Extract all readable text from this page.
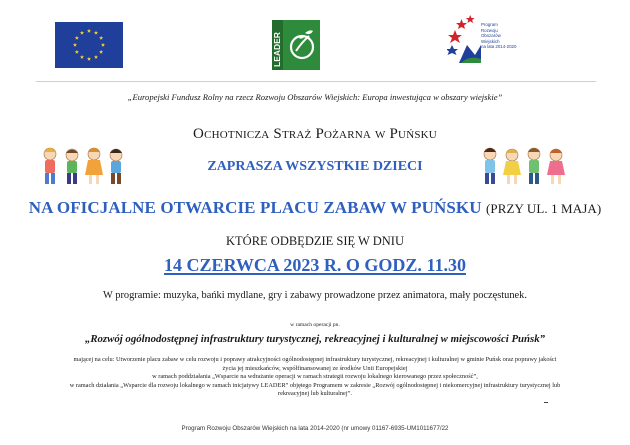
LEADER
Program
Rozwoju
Obszarów
Wiejskich
na lata 2014-2020
„Europejski Fundusz Rolny na rzecz Rozwoju Obszarów Wiejskich: Europa inwestująca w obszary wiejskie”
Ochotnicza Straż Pożarna w Puńsku
ZAPRASZA WSZYSTKIE DZIECI
NA OFICJALNE OTWARCIE PLACU ZABAW W PUŃSKU (PRZY UL. 1 MAJA)
KTÓRE ODBĘDZIE SIĘ W DNIU
14 CZERWCA 2023 R. O GODZ. 11.30
W programie: muzyka, bańki mydlane, gry i zabawy prowadzone przez animatora, mały poczęstunek.
w ramach operacji pn.
„Rozwój ogólnodostępnej infrastruktury turystycznej, rekreacyjnej i kulturalnej w miejscowości Puńsk”
mającej na celu: Utworzenie placu zabaw w celu rozwoju i poprawy atrakcyjności ogólnodostępnej infrastruktury turystycznej, rekreacyjnej i kulturalnej w gminie Puńsk oraz poprawy jakości
życia jej mieszkańców, współfinansowanej ze środków Unii Europejskiej
w ramach poddziałania „Wsparcie na wdrażanie operacji w ramach strategii rozwoju lokalnego kierowanego przez społeczność”,
w ramach działania „Wsparcie dla rozwoju lokalnego w ramach inicjatywy LEADER” objętego Programem w zakresie „Rozwój ogólnodostępnej i niekomercyjnej infrastruktury turystycznej lub
rekreacyjnej lub kulturalnej”.
Program Rozwoju Obszarów Wiejskich na lata 2014-2020 (nr umowy 01167-6935-UM1011677/22
